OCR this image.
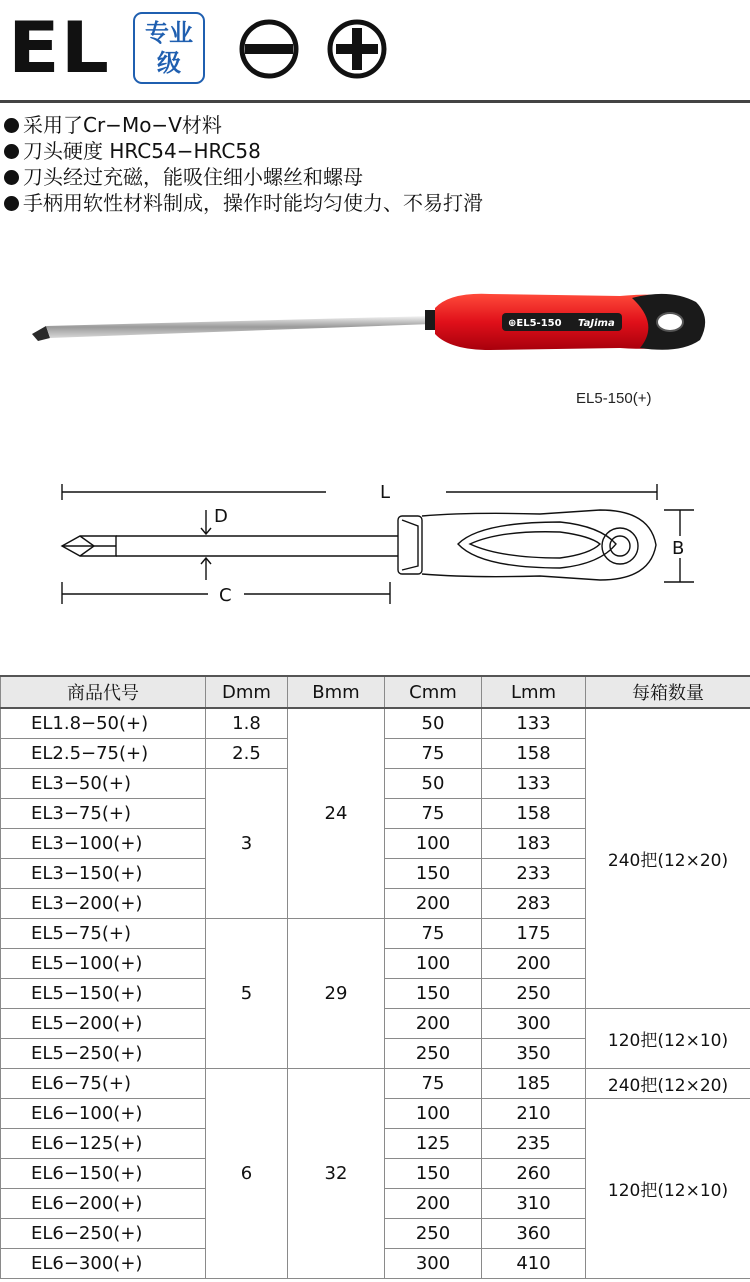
EL	专业
级
采用了Cr−Mo−V材料
刀头硬度 HRC54−HRC58
刀头经过充磁，能吸住细小螺丝和螺母
手柄用软性材料制成，操作时能均匀使力、不易打滑
⊕EL5-150 TaJima
EL5-150(+)
L
D
B
C
商品代号	Dmm	Bmm	Cmm	Lmm	每箱数量
EL1.8−50(+)	1.8	24	50	133	240把(12×20)
EL2.5−75(+)	2.5		75	158	
EL3−50(+)	3		50	133	
EL3−75(+)			75	158	
EL3−100(+)			100	183	
EL3−150(+)			150	233	
EL3−200(+)			200	283	
EL5−75(+)	5	29	75	175	
EL5−100(+)			100	200	
EL5−150(+)			150	250	
EL5−200(+)			200	300	120把(12×10)
EL5−250(+)			250	350	
EL6−75(+)	6	32	75	185	240把(12×20)
EL6−100(+)			100	210	120把(12×10)
EL6−125(+)			125	235	
EL6−150(+)			150	260	
EL6−200(+)			200	310	
EL6−250(+)			250	360	
EL6−300(+)			300	410	
